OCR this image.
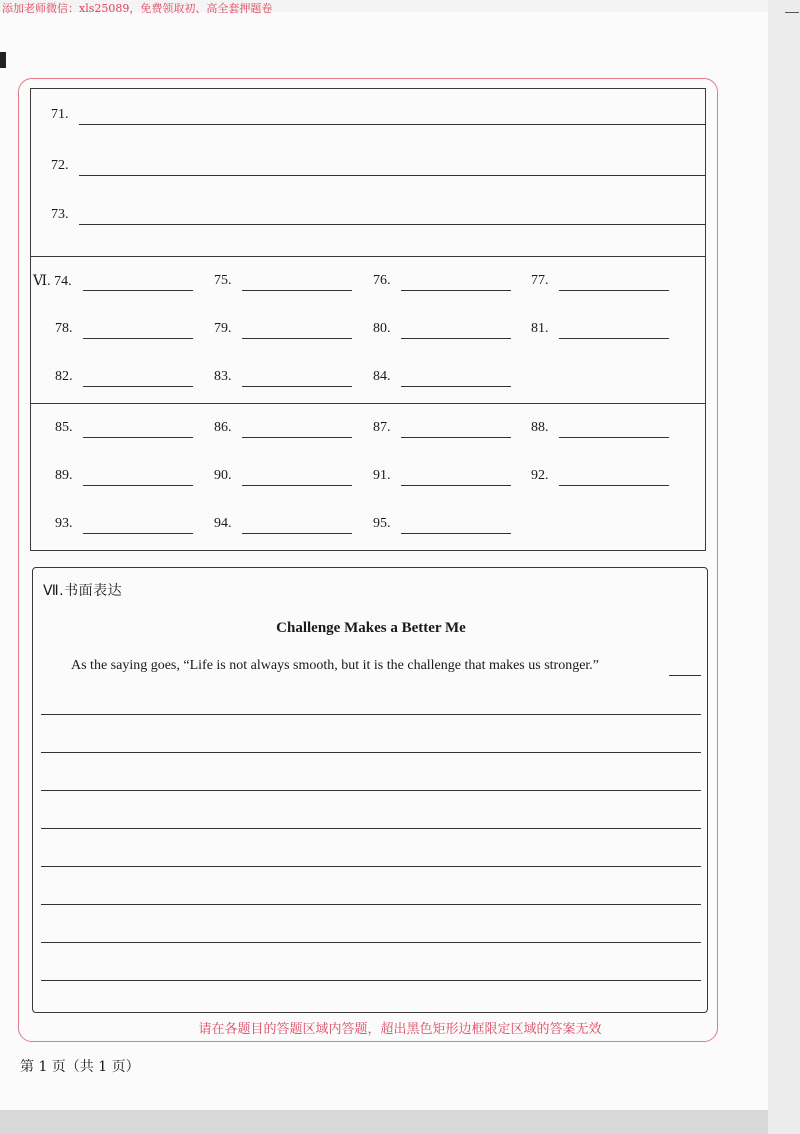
添加老师微信：xls25089，免费领取初、高全套押题卷
71.
72.
73.
Ⅵ. 74.	75.	76.	77.
78.	79.	80.	81.
82.	83.	84.
85.	86.	87.	88.
89.	90.	91.	92.
93.	94.	95.
Ⅶ.书面表达
Challenge Makes a Better Me
As the saying goes, “Life is not always smooth, but it is the challenge that makes us stronger.”
请在各题目的答题区域内答题，超出黑色矩形边框限定区域的答案无效
第 1 页（共 1 页）
